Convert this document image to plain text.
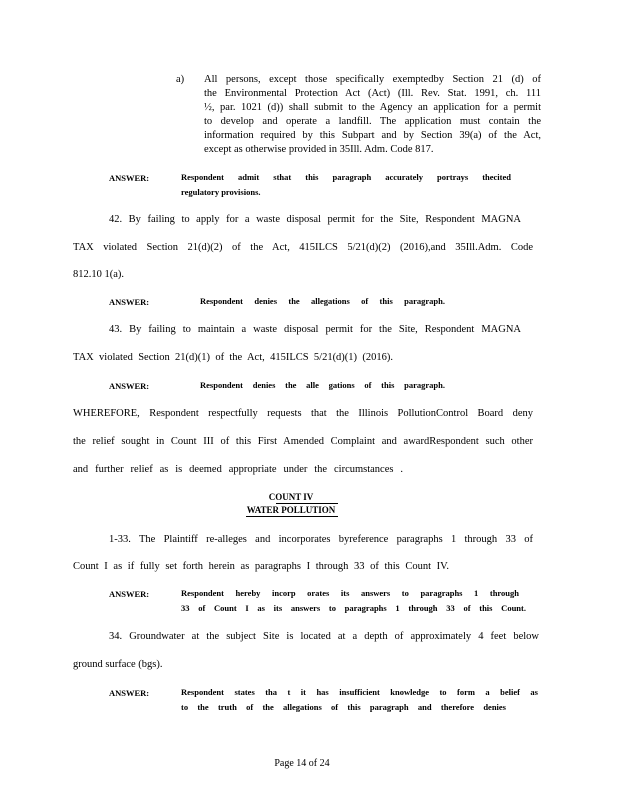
a) All persons, except those specifically exemptedby Section 21 (d) of
the Environmental Protection Act (Act) (Ill. Rev. Stat. 1991, ch. 111
½, par. 1021 (d)) shall submit to the Agency an application for a permit
to develop and operate a landfill. The application must contain the
information required by this Subpart and by Section 39(a) of the Act,
except as otherwise provided in 35Ill. Adm. Code 817.
ANSWER:	Respondent admit sthat this paragraph accurately portrays thecited
regulatory provisions.
42. By failing to apply for a waste disposal permit for the Site, Respondent MAGNA
TAX violated Section 21(d)(2) of the Act, 415ILCS 5/21(d)(2) (2016),and 35Ill.Adm. Code
812.10 1(a).
ANSWER:	Respondent denies the allegations of this paragraph.
43. By failing to maintain a waste disposal permit for the Site, Respondent MAGNA
TAX violated Section 21(d)(1) of the Act, 415ILCS 5/21(d)(1) (2016).
ANSWER:	Respondent denies the alle gations of this paragraph.
WHEREFORE, Respondent respectfully requests that the Illinois PollutionControl Board deny
the relief sought in Count III of this First Amended Complaint and awardRespondent such other
and further relief as is deemed appropriate under the circumstances .
COUNT IV
WATER POLLUTION
1-33. The Plaintiff re-alleges and incorporates byreference paragraphs 1 through 33 of
Count I as if fully set forth herein as paragraphs I through 33 of this Count IV.
ANSWER:	Respondent hereby incorp orates its answers to paragraphs 1 through
33 of Count I as its answers to paragraphs 1 through 33 of this Count.
34. Groundwater at the subject Site is located at a depth of approximately 4 feet below
ground surface (bgs).
ANSWER:	Respondent states tha t it has insufficient knowledge to form a belief as
to the truth of the allegations of this paragraph and therefore denies
Page 14 of 24
